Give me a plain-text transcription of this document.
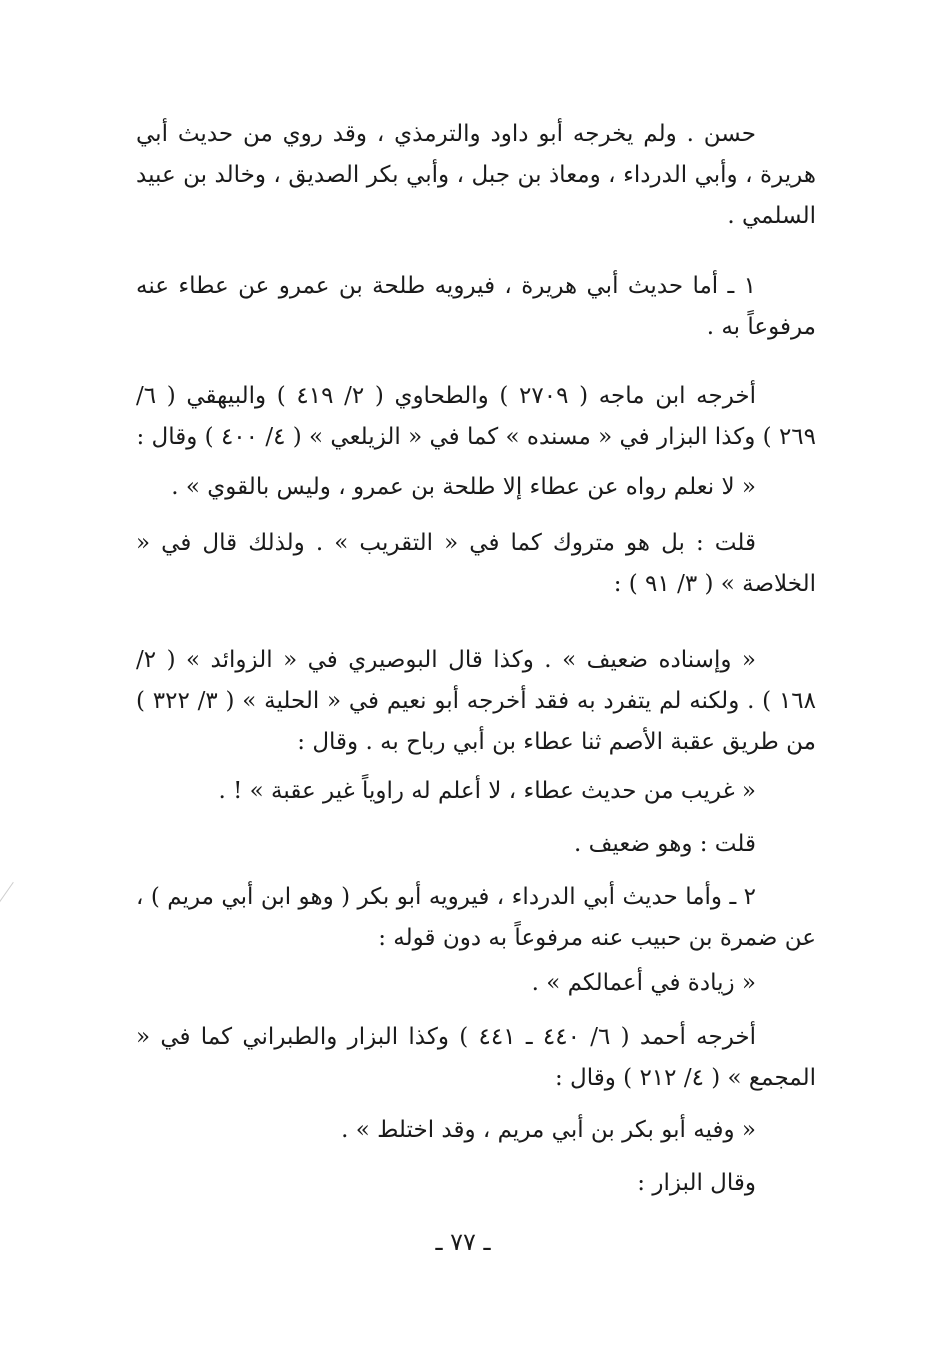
حسن . ولم يخرجه أبو داود والترمذي ، وقد روي من حديث أبي هريرة ، وأبي الدرداء ، ومعاذ بن جبل ، وأبي بكر الصديق ، وخالد بن عبيد السلمي .

١ ـ أما حديث أبي هريرة ، فيرويه طلحة بن عمرو عن عطاء عنه مرفوعاً به .

أخرجه ابن ماجه ( ٢٧٠٩ ) والطحاوي ( ٢/ ٤١٩ ) والبيهقي ( ٦/ ٢٦٩ ) وكذا البزار في « مسنده » كما في « الزيلعي » ( ٤/ ٤٠٠ ) وقال :

« لا نعلم رواه عن عطاء إلا طلحة بن عمرو ، وليس بالقوي » .

قلت : بل هو متروك كما في « التقريب » . ولذلك قال في « الخلاصة » ( ٣/ ٩١ ) :

« وإسناده ضعيف » . وكذا قال البوصيري في « الزوائد » ( ٢/ ١٦٨ ) . ولكنه لم يتفرد به فقد أخرجه أبو نعيم في « الحلية » ( ٣/ ٣٢٢ ) من طريق عقبة الأصم ثنا عطاء بن أبي رباح به . وقال :

« غريب من حديث عطاء ، لا أعلم له راوياً غير عقبة » ! .

قلت : وهو ضعيف .

٢ ـ وأما حديث أبي الدرداء ، فيرويه أبو بكر ( وهو ابن أبي مريم ) ، عن ضمرة بن حبيب عنه مرفوعاً به دون قوله :

« زيادة في أعمالكم » .

أخرجه أحمد ( ٦/ ٤٤٠ ـ ٤٤١ ) وكذا البزار والطبراني كما في « المجمع » ( ٤/ ٢١٢ ) وقال :

« وفيه أبو بكر بن أبي مريم ، وقد اختلط » .

وقال البزار :

ـ ٧٧ ـ
